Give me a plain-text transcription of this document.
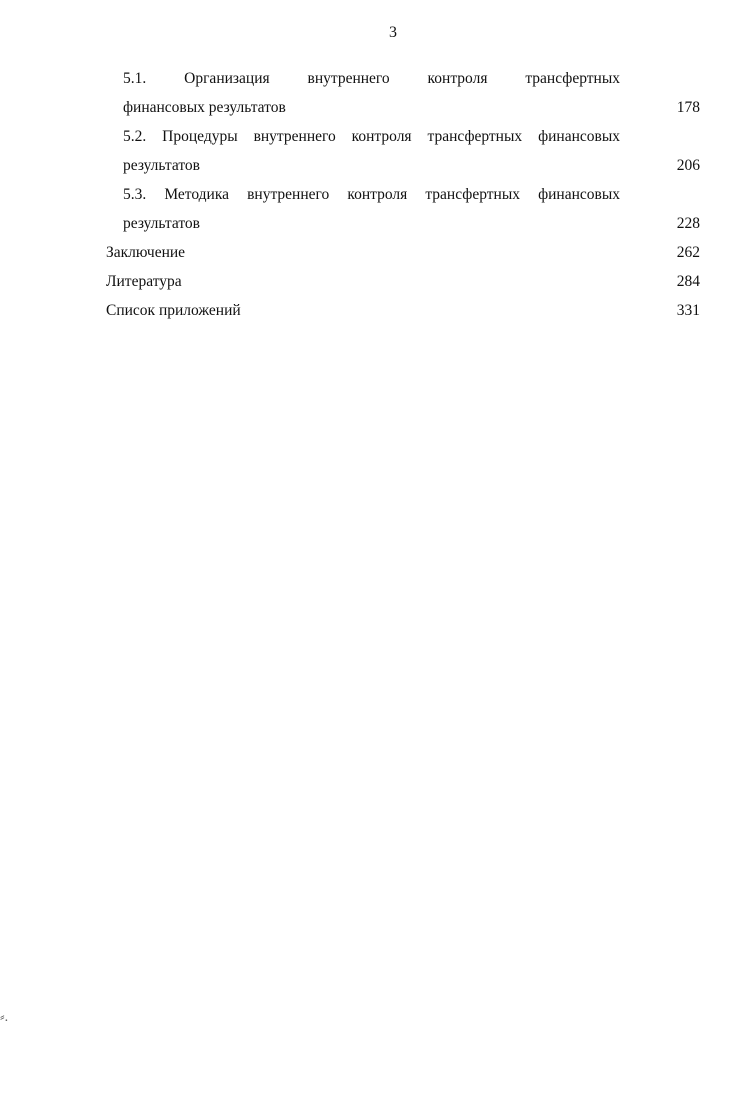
3
5.1. Организация внутреннего контроля трансфертных
финансовых результатов	178
5.2. Процедуры внутреннего контроля трансфертных финансовых
результатов	206
5.3. Методика внутреннего контроля трансфертных финансовых
результатов	228
Заключение	262
Литература	284
Список приложений	331
⸗.
